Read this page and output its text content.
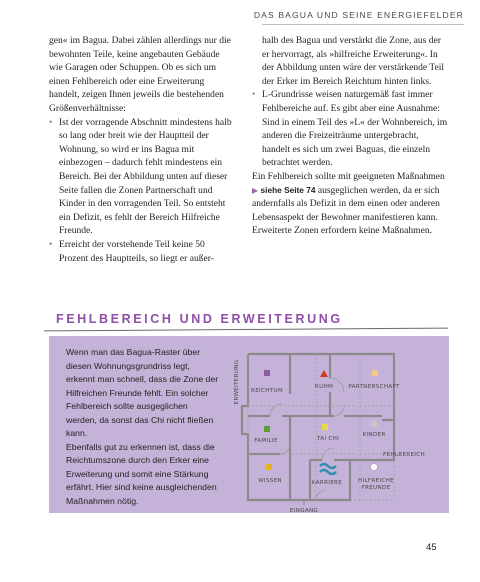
DAS BAGUA UND SEINE ENERGIEFELDER

gen« im Bagua. Dabei zählen allerdings nur die bewohnten Teile, keine angebauten Gebäude wie Garagen oder Schuppen. Ob es sich um einen Fehlbereich oder eine Erweiterung handelt, zeigen Ihnen jeweils die bestehenden Größenverhältnisse:

• Ist der vorragende Abschnitt mindestens halb so lang oder breit wie der Hauptteil der Wohnung, so wird er ins Bagua mit einbezogen – dadurch fehlt mindestens ein Bereich. Bei der Abbildung unten auf dieser Seite fallen die Zonen Partnerschaft und Kinder in den vorragenden Teil. So entsteht ein Defizit, es fehlt der Bereich Hilfreiche Freunde.
• Erreicht der vorstehende Teil keine 50 Prozent des Hauptteils, so liegt er außer-

halb des Bagua und verstärkt die Zone, aus der er hervorragt, als »hilfreiche Erweiterung«. In der Abbildung unten wäre der verstärkende Teil der Erker im Bereich Reichtum hinten links.

• L-Grundrisse weisen naturgemäß fast immer Fehlbereiche auf. Es gibt aber eine Ausnahme: Sind in einem Teil des »L« der Wohnbereich, im anderen die Freizeiträume untergebracht, handelt es sich um zwei Baguas, die einzeln betrachtet werden.

Ein Fehlbereich sollte mit geeigneten Maßnahmen ▶ siehe Seite 74 ausgeglichen werden, da er sich andernfalls als Defizit in dem einen oder anderen Lebensaspekt der Bewohner manifestieren kann. Erweiterte Zonen erfordern keine Maßnahmen.

FEHLBEREICH UND ERWEITERUNG

Wenn man das Bagua-Raster über diesen Wohnungsgrundriss legt, erkennt man schnell, dass die Zone der Hilfreichen Freunde fehlt. Ein solcher Fehlbereich sollte ausgeglichen werden, da sonst das Chi nicht fließen kann.

Ebenfalls gut zu erkennen ist, dass die Reichtumszone durch den Erker eine Erweiterung und somit eine Stärkung erfährt. Hier sind keine ausgleichenden Maßnahmen nötig.

ERWEITERUNG REICHTUM
RUHM	PARTNERSCHAFT
FAMILIE	TAI CHI
KINDER
WISSEN	KARRIERE
FEHLBEREICH
HILFREICHE
FREUNDE
EINGANG
45
